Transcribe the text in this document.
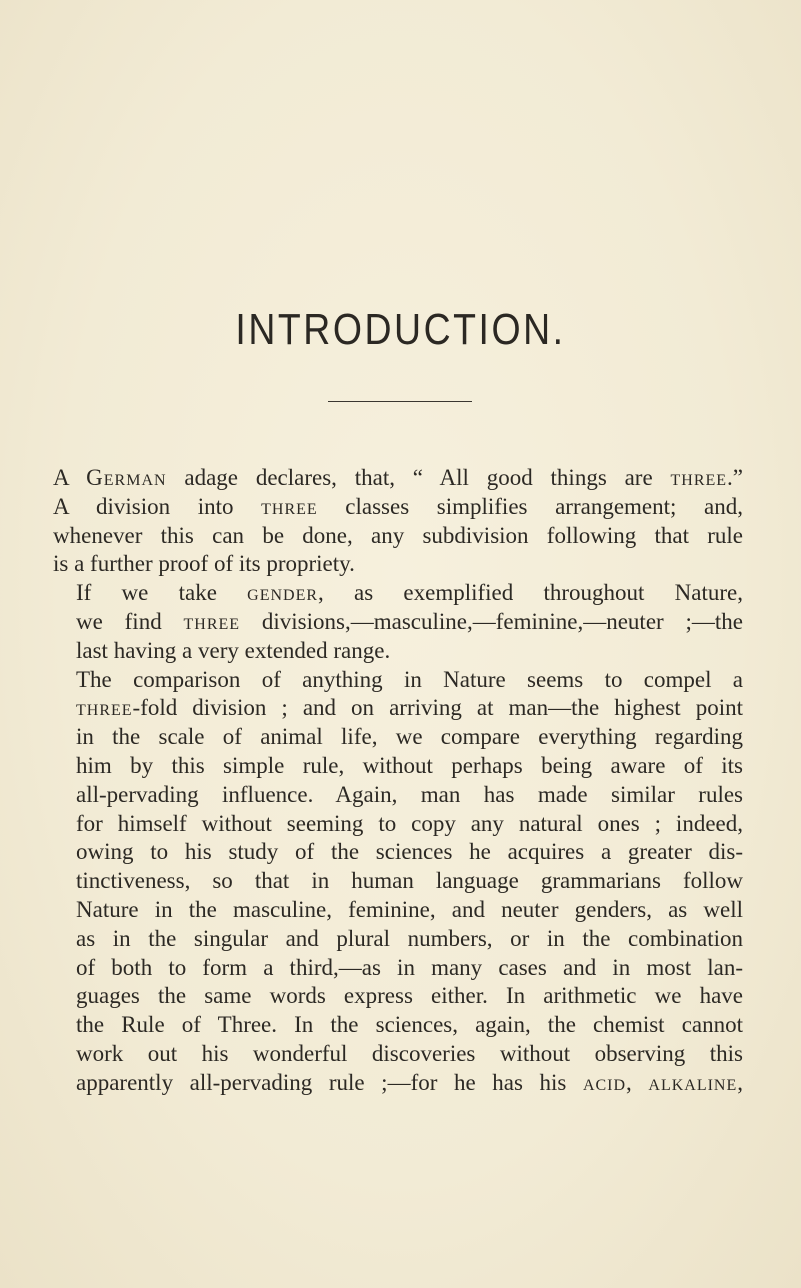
INTRODUCTION.

A German adage declares, that, “ All good things are three.”
A division into three classes simplifies arrangement; and,
whenever this can be done, any subdivision following that rule
is a further proof of its propriety.

If we take gender, as exemplified throughout Nature,
we find three divisions,—masculine,—feminine,—neuter ;—the
last having a very extended range.

The comparison of anything in Nature seems to compel a
three-fold division ; and on arriving at man—the highest point
in the scale of animal life, we compare everything regarding
him by this simple rule, without perhaps being aware of its
all-pervading influence. Again, man has made similar rules
for himself without seeming to copy any natural ones ; indeed,
owing to his study of the sciences he acquires a greater dis-
tinctiveness, so that in human language grammarians follow
Nature in the masculine, feminine, and neuter genders, as well
as in the singular and plural numbers, or in the combination
of both to form a third,—as in many cases and in most lan-
guages the same words express either. In arithmetic we have
the Rule of Three. In the sciences, again, the chemist cannot
work out his wonderful discoveries without observing this
apparently all-pervading rule ;—for he has his acid, alkaline,
